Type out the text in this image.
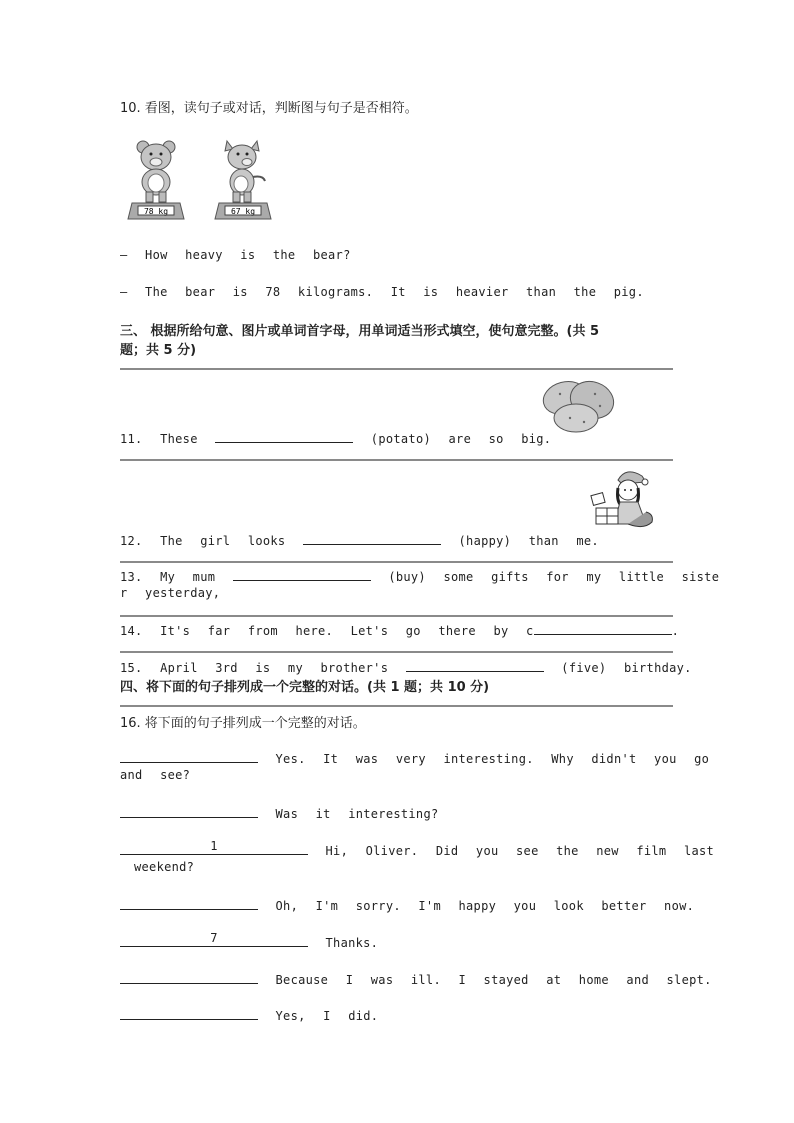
10. 看图，读句子或对话，判断图与句子是否相符。
78 kg	67 kg
— How heavy is the bear?
— The bear is 78 kilograms. It is heavier than the pig.
三、 根据所给句意、图片或单词首字母，用单词适当形式填空，使句意完整。(共 5
题；共 5 分)
11. These	(potato) are so big.
12. The girl looks	(happy) than me.
13. My mum	(buy) some gifts for my little siste
r yesterday,
14. It's far from here. Let's go there by c	.
15. April 3rd is my brother's	(five) birthday.
四、将下面的句子排列成一个完整的对话。(共 1 题；共 10 分)
16. 将下面的句子排列成一个完整的对话。
Yes. It was very interesting. Why didn't you go
and see?
Was it interesting?
1	Hi, Oliver. Did you see the new film last
weekend?
Oh, I'm sorry. I'm happy you look better now.
7	Thanks.
Because I was ill. I stayed at home and slept.
Yes, I did.
